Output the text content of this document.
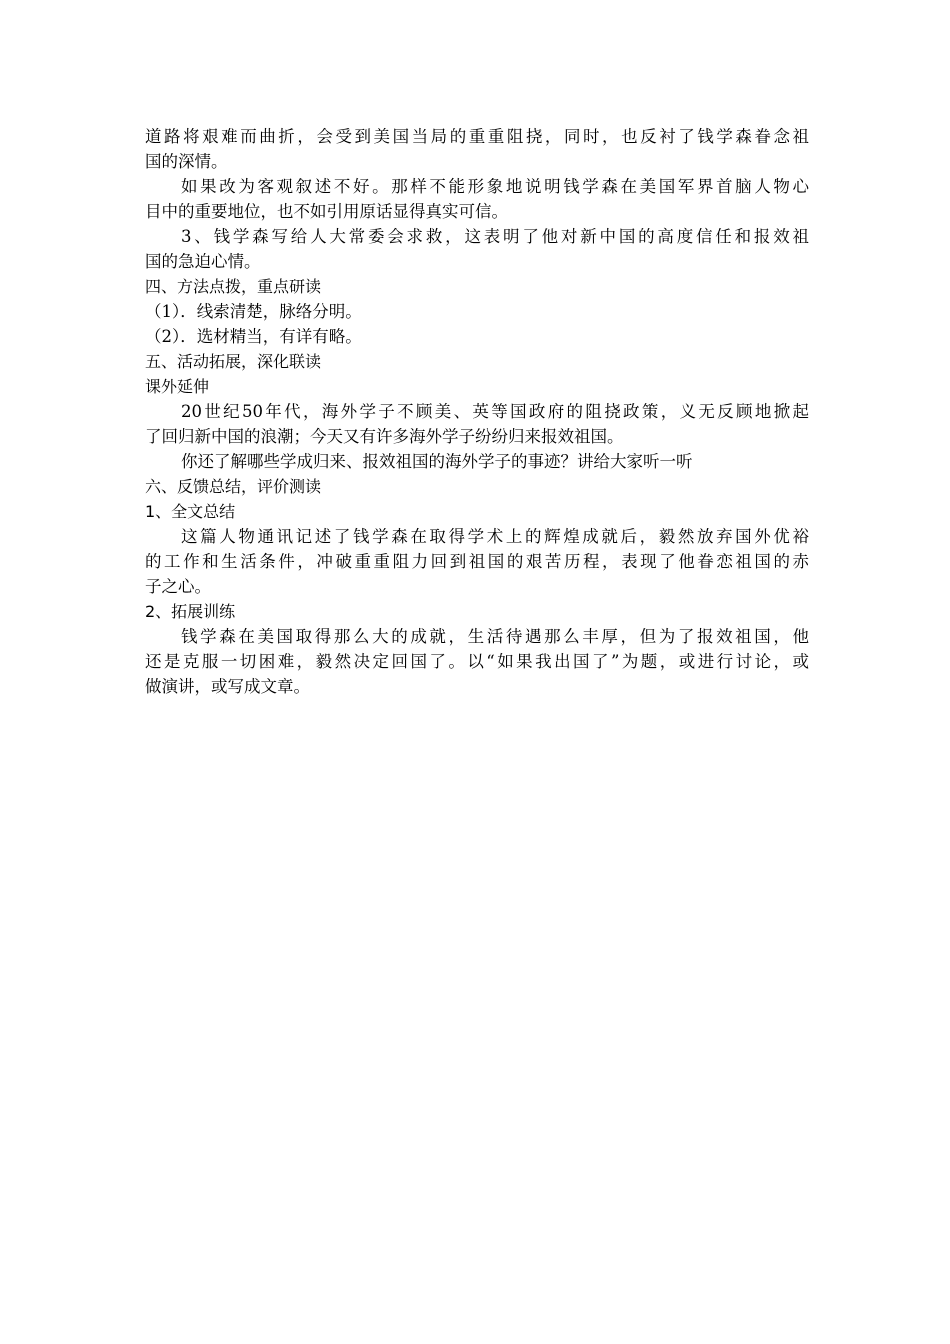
道路将艰难而曲折，会受到美国当局的重重阻挠，同时，也反衬了钱学森眷念祖
国的深情。
如果改为客观叙述不好。那样不能形象地说明钱学森在美国军界首脑人物心
目中的重要地位，也不如引用原话显得真实可信。
3、钱学森写给人大常委会求救，这表明了他对新中国的高度信任和报效祖
国的急迫心情。
四、方法点拨，重点研读
（1）．线索清楚，脉络分明。
（2）．选材精当，有详有略。
五、活动拓展，深化联读
课外延伸
20世纪50年代，海外学子不顾美、英等国政府的阻挠政策，义无反顾地掀起
了回归新中国的浪潮；今天又有许多海外学子纷纷归来报效祖国。
你还了解哪些学成归来、报效祖国的海外学子的事迹？讲给大家听一听
六、反馈总结，评价测读
1、全文总结
这篇人物通讯记述了钱学森在取得学术上的辉煌成就后，毅然放弃国外优裕
的工作和生活条件，冲破重重阻力回到祖国的艰苦历程，表现了他眷恋祖国的赤
子之心。
2、拓展训练
钱学森在美国取得那么大的成就，生活待遇那么丰厚，但为了报效祖国，他
还是克服一切困难，毅然决定回国了。以“如果我出国了”为题，或进行讨论，或
做演讲，或写成文章。
